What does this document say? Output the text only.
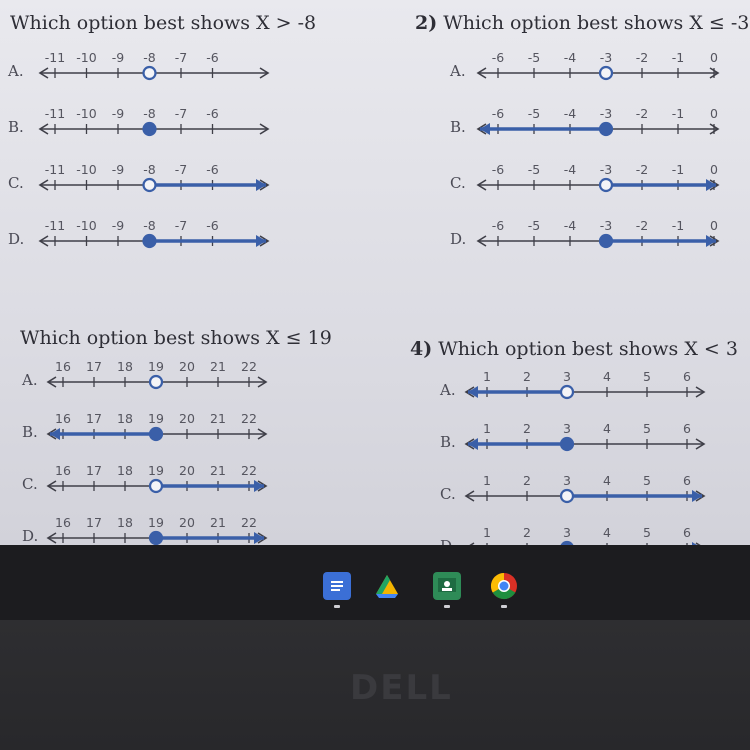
Which option best shows X > -8
A.
-11 -10 -9 -8 -7 -6
B.
-11 -10 -9 -8 -7 -6
C.
-11 -10 -9 -8 -7 -6
D.
-11 -10 -9 -8 -7 -6
2) Which option best shows X ≤ -3
A.
-6 -5 -4 -3 -2 -1 0
B.
-6 -5 -4 -3 -2 -1 0
C.
-6 -5 -4 -3 -2 -1 0
D.
-6 -5 -4 -3 -2 -1 0
Which option best shows X ≤ 19
A.
16 17 18 19 20 21 22
B.
16 17 18 19 20 21 22
C.
16 17 18 19 20 21 22
D.
16 17 18 19 20 21 22
4) Which option best shows X < 3
A.
1	2	3	4	5	6
B.
1	2	3	4	5	6
C.
1	2	3	4	5	6
1	2	3	4	5	6
DELL
